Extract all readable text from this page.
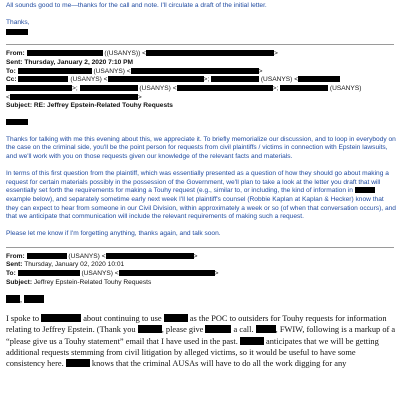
All sounds good to me—thanks for the call and note. I'll circulate a draft of the initial letter.

Thanks,

From:	((USANYS)) <	>

Sent: Thursday, January 2, 2020 7:10 PM

To:	(USANYS) <	>

Cc:	(USANYS) <	>;	(USANYS) <

>;	(USANYS) <	>;	(USANYS)

<	>

Subject: RE: Jeffrey Epstein-Related Touhy Requests

Thanks for talking with me this evening about this, we appreciate it. To briefly memorialize our discussion, and to loop in everybody on the case on the criminal side, you'll be the point person for requests from civil plaintiffs / victims in connection with Epstein lawsuits, and we'll work with you on those requests given our knowledge of the relevant facts and materials.

In terms of this first question from the plaintiff, which was essentially presented as a question of how they should go about making a request for certain materials possibly in the possession of the Government, we'll plan to take a look at the letter you draft that will essentially set forth the requirements for making a Touhy request (e.g., similar to, or including, the kind of information in  example below), and separately sometime early next week I'll let plaintiff's counsel (Robbie Kaplan at Kaplan & Hecker) know that they can expect to hear from someone in our Civil Division, within approximately a week or so (of when that conversation occurs), and that we anticipate that communication will include the relevant requirements of making such a request.

Please let me know if I'm forgetting anything, thanks again, and talk soon.

From:	(USANYS) <	>

Sent: Thursday, January 02, 2020 10:01

To:	(USANYS) <	>

Subject: Jeffrey Epstein-Related Touhy Requests

,

I spoke to	about continuing to use	as the POC to outsiders for Touhy requests for information relating to Jeffrey Epstein. (Thank you	, please give	a call.	, FWIW, following is a markup of a “please give us a Touhy statement” email that I have used in the past.	anticipates that we will be getting additional requests stemming from civil litigation by alleged victims, so it would be useful to have some consistency here.	knows that the criminal AUSAs will have to do all the work digging for any
